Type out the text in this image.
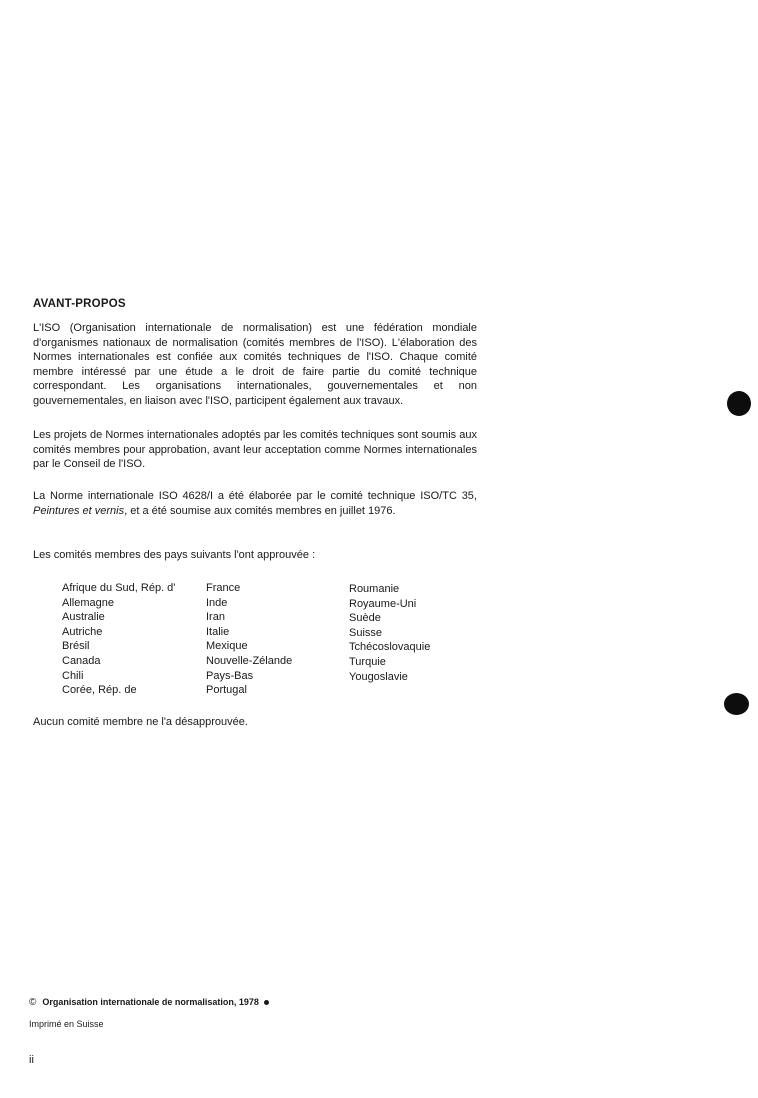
AVANT-PROPOS

L'ISO (Organisation internationale de normalisation) est une fédération mondiale d'organismes nationaux de normalisation (comités membres de l'ISO). L'élaboration des Normes internationales est confiée aux comités techniques de l'ISO. Chaque comité membre intéressé par une étude a le droit de faire partie du comité technique correspondant. Les organisations internationales, gouvernementales et non gouvernementales, en liaison avec l'ISO, participent également aux travaux.

Les projets de Normes internationales adoptés par les comités techniques sont soumis aux comités membres pour approbation, avant leur acceptation comme Normes internationales par le Conseil de l'ISO.

La Norme internationale ISO 4628/I a été élaborée par le comité technique ISO/TC 35, Peintures et vernis, et a été soumise aux comités membres en juillet 1976.

Les comités membres des pays suivants l'ont approuvée :

Afrique du Sud, Rép. d'
Allemagne
Australie
Autriche
Brésil
Canada
Chili
Corée, Rép. de
France
Inde
Iran
Italie
Mexique
Nouvelle-Zélande
Pays-Bas
Portugal
Roumanie
Royaume-Uni
Suède
Suisse
Tchécoslovaquie
Turquie
Yougoslavie

Aucun comité membre ne l'a désapprouvée.

© Organisation internationale de normalisation, 1978
Imprimé en Suisse
ii
